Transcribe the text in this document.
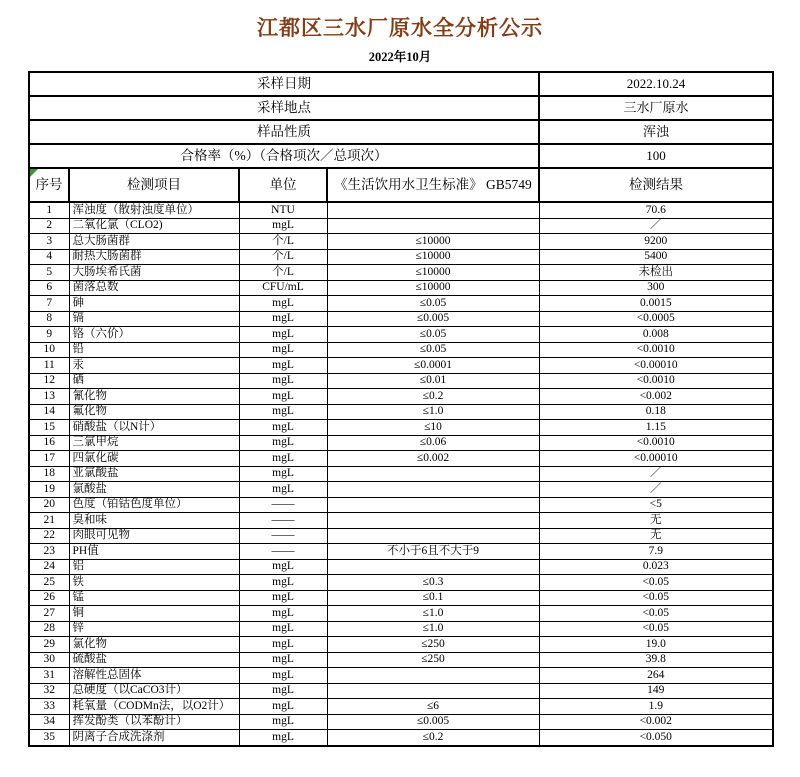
江都区三水厂原水全分析公示
2022年10月
采样日期				2022.10.24
采样地点				三水厂原水
样品性质				浑浊
合格率（%）（合格项次／总项次）				100

序号	检测项目	单位	《生活饮用水卫生标准》 GB5749	检测结果
1	浑浊度（散射浊度单位）	NTU		70.6
2	二氧化氯（CLO2)	mgL		／
3	总大肠菌群	个/L	≤10000	9200
4	耐热大肠菌群	个/L	≤10000	5400
5	大肠埃希氏菌	个/L	≤10000	未检出
6	菌落总数	CFU/mL	≤10000	300
7	砷	mgL	≤0.05	0.0015
8	镉	mgL	≤0.005	<0.0005
9	铬（六价）	mgL	≤0.05	0.008
10	铅	mgL	≤0.05	<0.0010
11	汞	mgL	≤0.0001	<0.00010
12	硒	mgL	≤0.01	<0.0010
13	氰化物	mgL	≤0.2	<0.002
14	氟化物	mgL	≤1.0	0.18
15	硝酸盐（以N计）	mgL	≤10	1.15
16	三氯甲烷	mgL	≤0.06	<0.0010
17	四氯化碳	mgL	≤0.002	<0.00010
18	亚氯酸盐	mgL		／
19	氯酸盐	mgL		／
20	色度（铂钴色度单位）	——		<5
21	臭和味	——		无
22	肉眼可见物	——		无
23	PH值	——	不小于6且不大于9	7.9
24	铝	mgL		0.023
25	铁	mgL	≤0.3	<0.05
26	锰	mgL	≤0.1	<0.05
27	铜	mgL	≤1.0	<0.05
28	锌	mgL	≤1.0	<0.05
29	氯化物	mgL	≤250	19.0
30	硫酸盐	mgL	≤250	39.8
31	溶解性总固体	mgL		264
32	总硬度（以CaCO3计）	mgL		149
33	耗氧量（CODMn法，以O2计）	mgL	≤6	1.9
34	挥发酚类（以苯酚计）	mgL	≤0.005	<0.002
35	阴离子合成洗涤剂	mgL	≤0.2	<0.050
